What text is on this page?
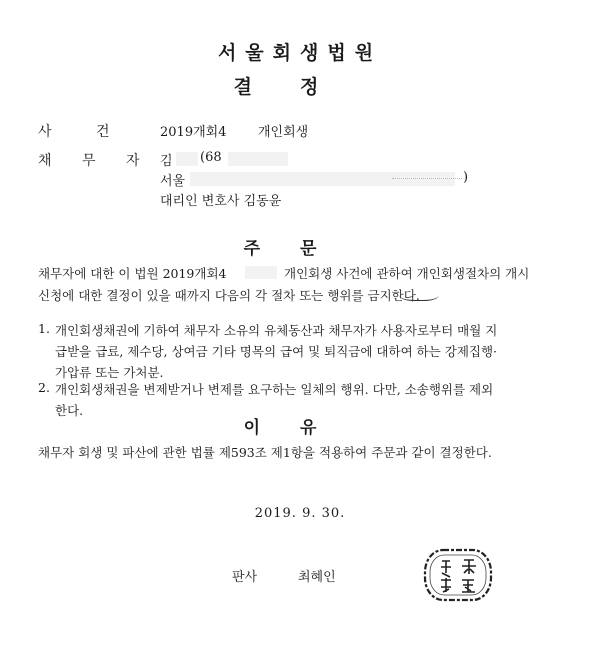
서울회생법원
결정
사 건 2019개회4 개인회생
채 무 자 김 (68
서울	)
대리인 변호사 김동윤
주문
채무자에 대한 이 법원 2019개회4	개인회생 사건에 관하여 개인회생절차의 개시
신청에 대한 결정이 있을 때까지 다음의 각 절차 또는 행위를 금지한다.
1. 개인회생채권에 기하여 채무자 소유의 유체동산과 채무자가 사용자로부터 매월 지
급받을 급료, 제수당, 상여금 기타 명목의 급여 및 퇴직금에 대하여 하는 강제집행·
가압류 또는 가처분.
2. 개인회생채권을 변제받거나 변제를 요구하는 일체의 행위. 다만, 소송행위를 제외
한다.
이유
채무자 회생 및 파산에 관한 법률 제593조 제1항을 적용하여 주문과 같이 결정한다.
2019. 9. 30.
판사	최혜인
